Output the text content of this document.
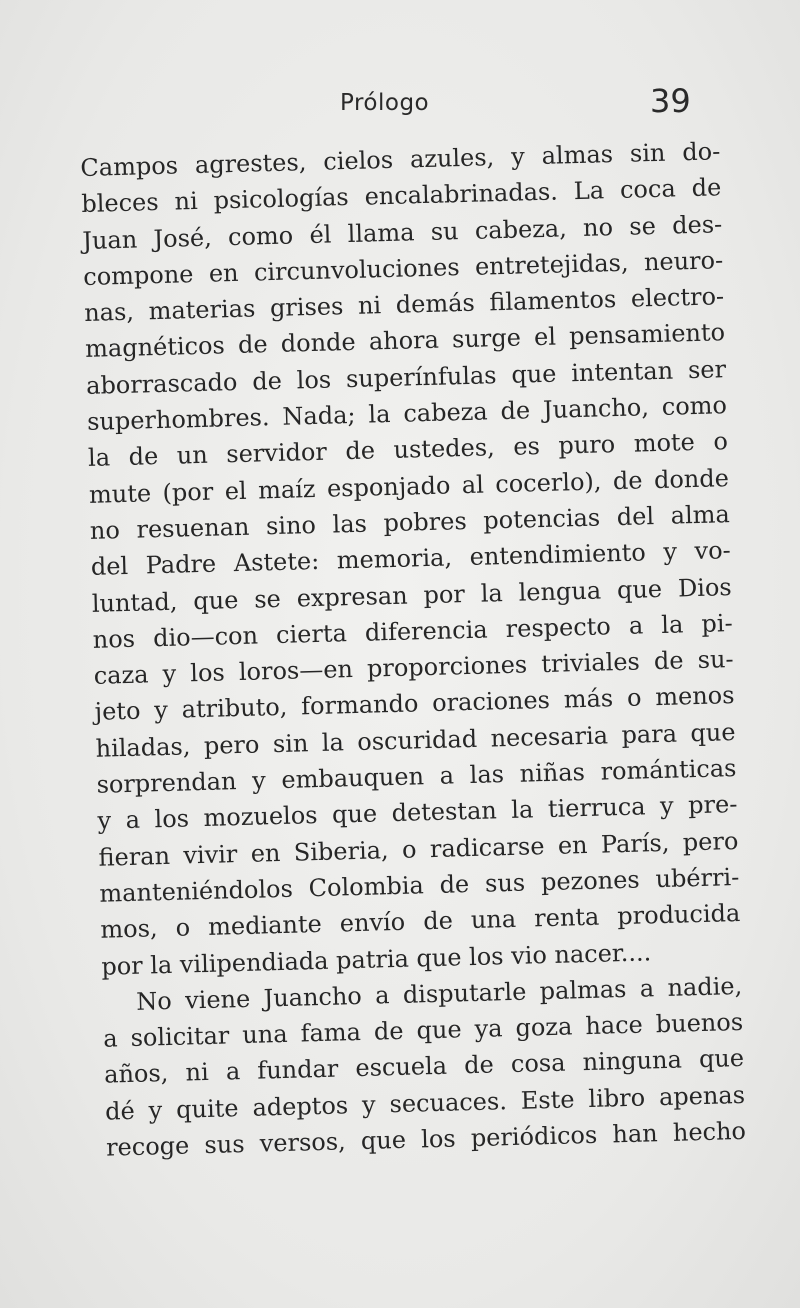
Prólogo	39
Campos agrestes, cielos azules, y almas sin do-
bleces ni psicologías encalabrinadas. La coca de
Juan José, como él llama su cabeza, no se des-
compone en circunvoluciones entretejidas, neuro-
nas, materias grises ni demás filamentos electro-
magnéticos de donde ahora surge el pensamiento
aborrascado de los superínfulas que intentan ser
superhombres. Nada; la cabeza de Juancho, como
la de un servidor de ustedes, es puro mote o
mute (por el maíz esponjado al cocerlo), de donde
no resuenan sino las pobres potencias del alma
del Padre Astete: memoria, entendimiento y vo-
luntad, que se expresan por la lengua que Dios
nos dio—con cierta diferencia respecto a la pi-
caza y los loros—en proporciones triviales de su-
jeto y atributo, formando oraciones más o menos
hiladas, pero sin la oscuridad necesaria para que
sorprendan y embauquen a las niñas románticas
y a los mozuelos que detestan la tierruca y pre-
fieran vivir en Siberia, o radicarse en París, pero
manteniéndolos Colombia de sus pezones ubérri-
mos, o mediante envío de una renta producida
por la vilipendiada patria que los vio nacer....
No viene Juancho a disputarle palmas a nadie,
a solicitar una fama de que ya goza hace buenos
años, ni a fundar escuela de cosa ninguna que
dé y quite adeptos y secuaces. Este libro apenas
recoge sus versos, que los periódicos han hecho
